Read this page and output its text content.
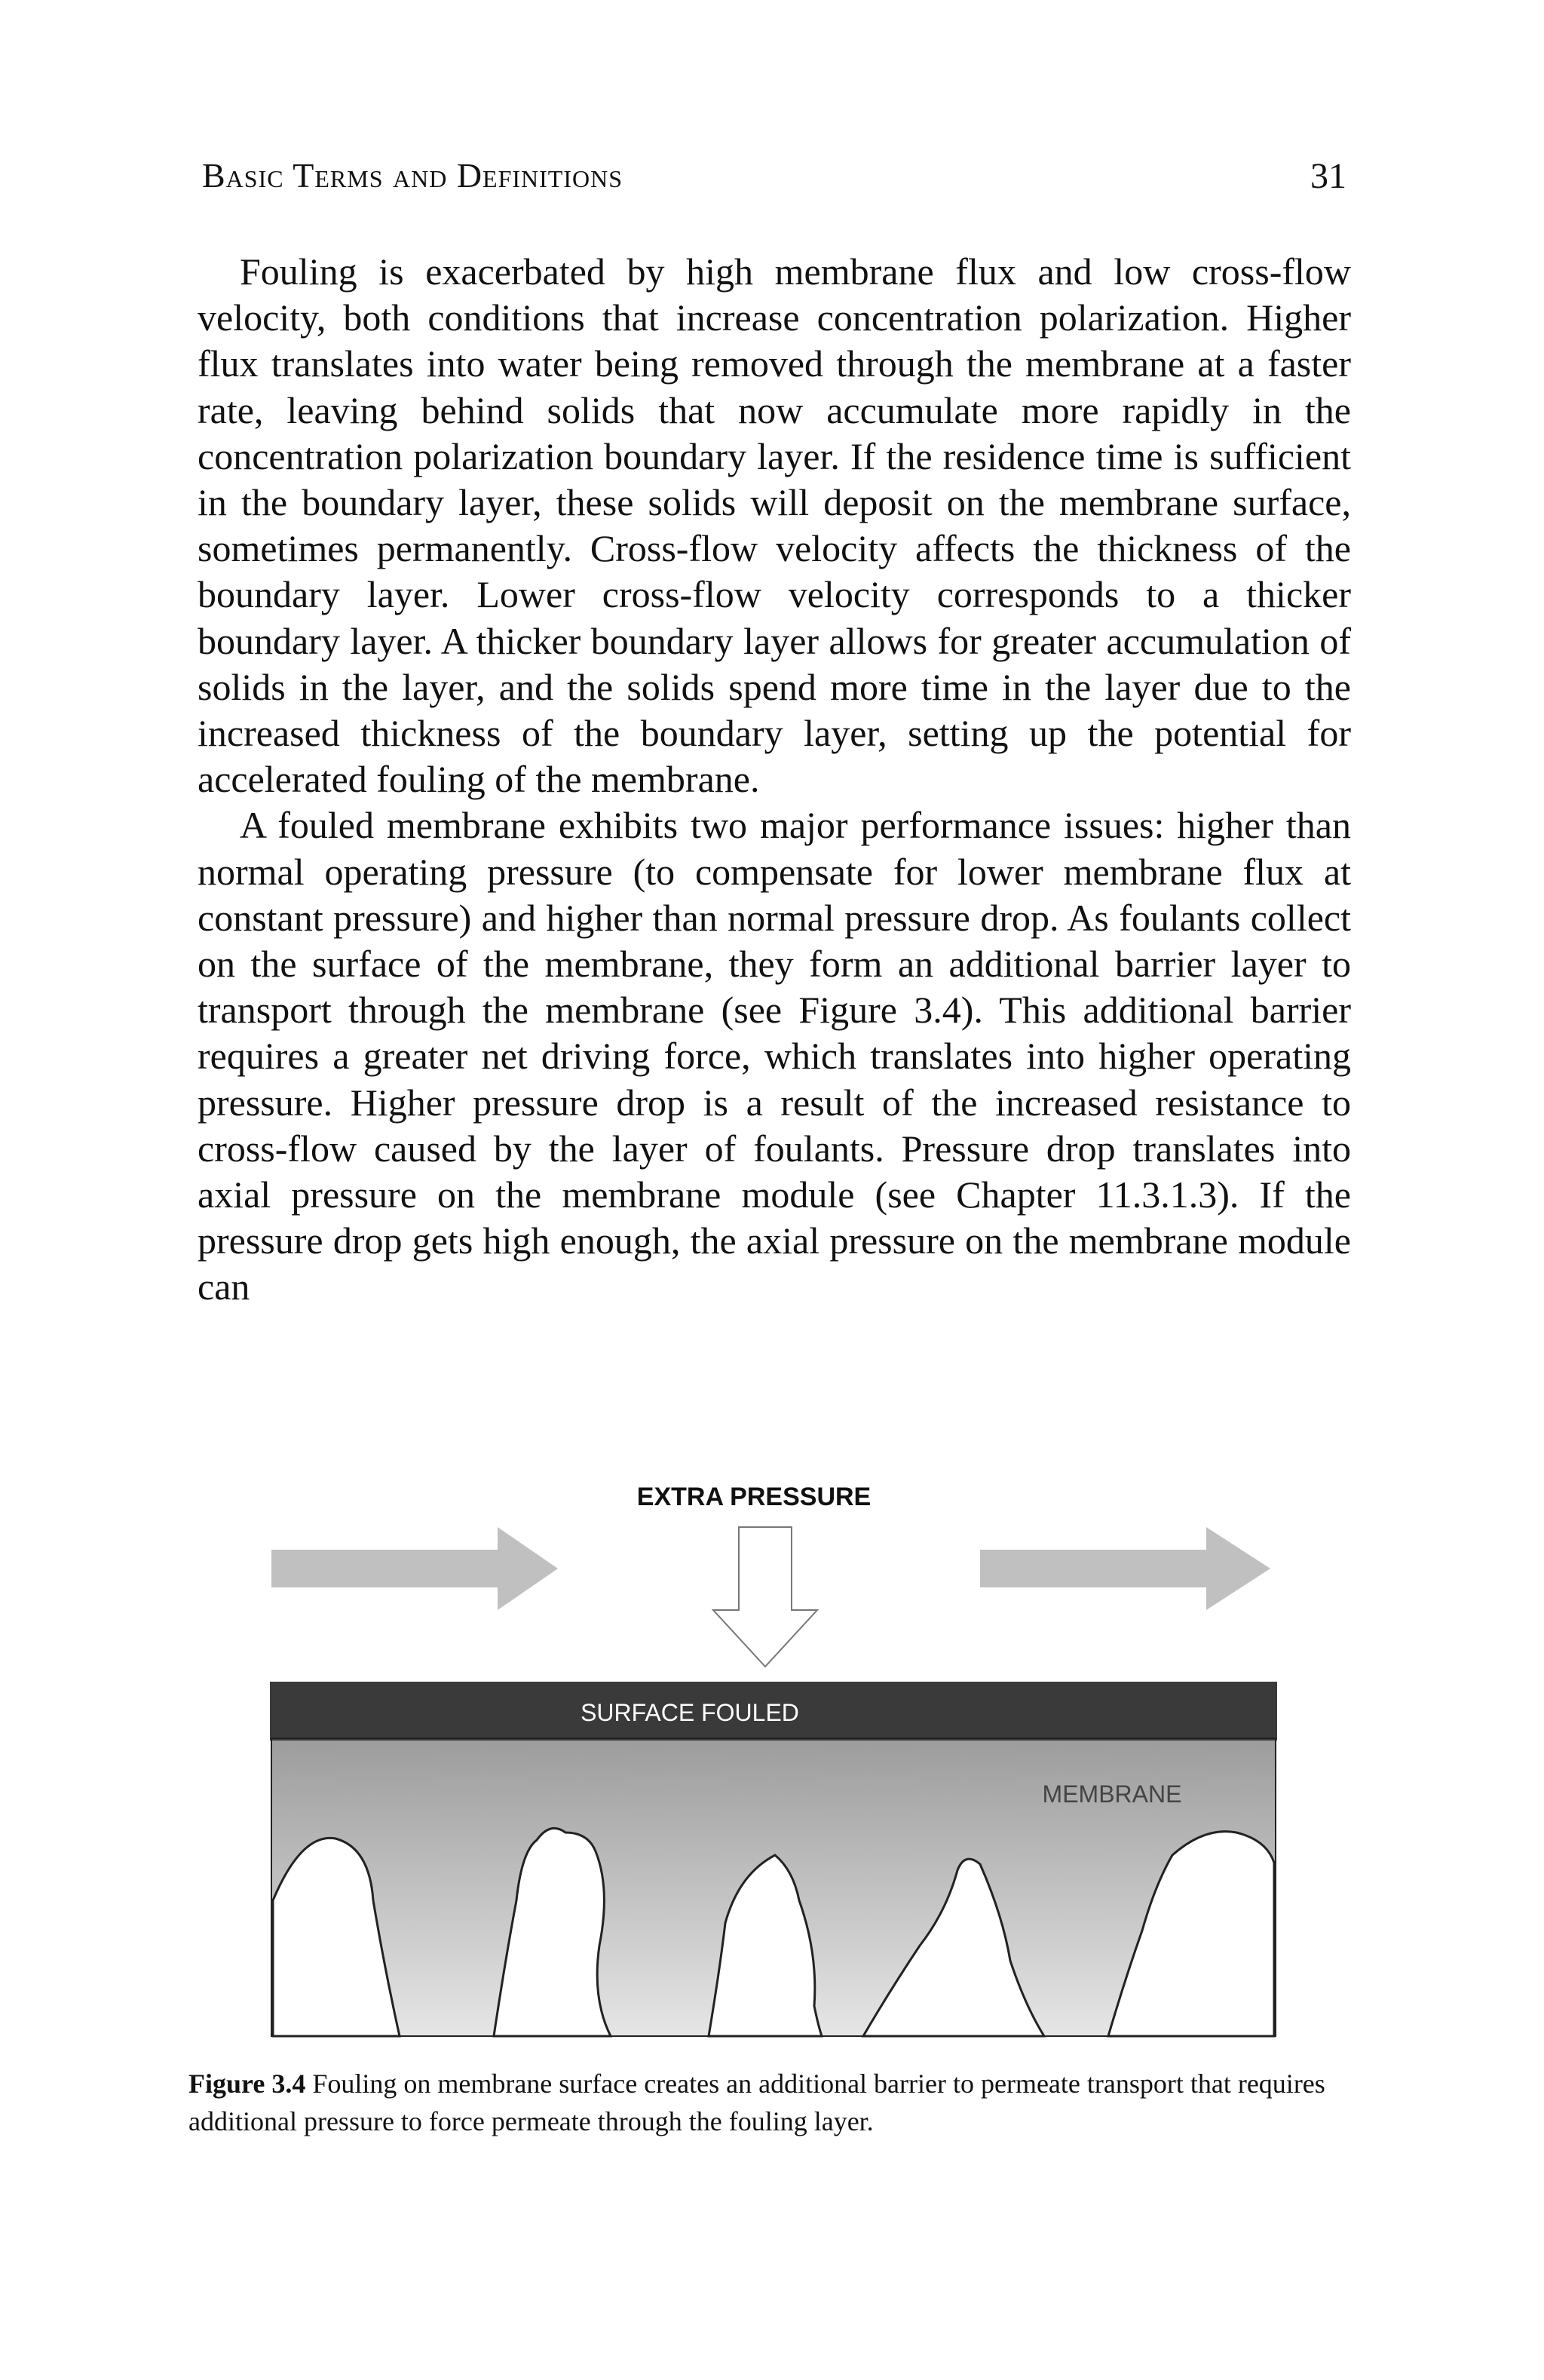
Basic Terms and Definitions	31

Fouling is exacerbated by high membrane flux and low cross-flow velocity, both conditions that increase concentration polarization. Higher flux translates into water being removed through the membrane at a faster rate, leaving behind solids that now accumulate more rapidly in the concentration polarization boundary layer. If the residence time is sufficient in the boundary layer, these solids will deposit on the membrane surface, sometimes permanently. Cross-flow velocity affects the thickness of the boundary layer. Lower cross-flow velocity corresponds to a thicker boundary layer. A thicker boundary layer allows for greater accumulation of solids in the layer, and the solids spend more time in the layer due to the increased thickness of the boundary layer, setting up the potential for accelerated fouling of the membrane.

A fouled membrane exhibits two major performance issues: higher than normal operating pressure (to compensate for lower membrane flux at constant pressure) and higher than normal pressure drop. As foulants collect on the surface of the membrane, they form an additional barrier layer to transport through the membrane (see Figure 3.4). This additional barrier requires a greater net driving force, which translates into higher operating pressure. Higher pressure drop is a result of the increased resistance to cross-flow caused by the layer of foulants. Pressure drop translates into axial pressure on the membrane module (see Chapter 11.3.1.3). If the pressure drop gets high enough, the axial pressure on the membrane module can

EXTRA PRESSURE
SURFACE FOULED
MEMBRANE
Figure 3.4 Fouling on membrane surface creates an additional barrier to permeate transport that requires additional pressure to force permeate through the fouling layer.
